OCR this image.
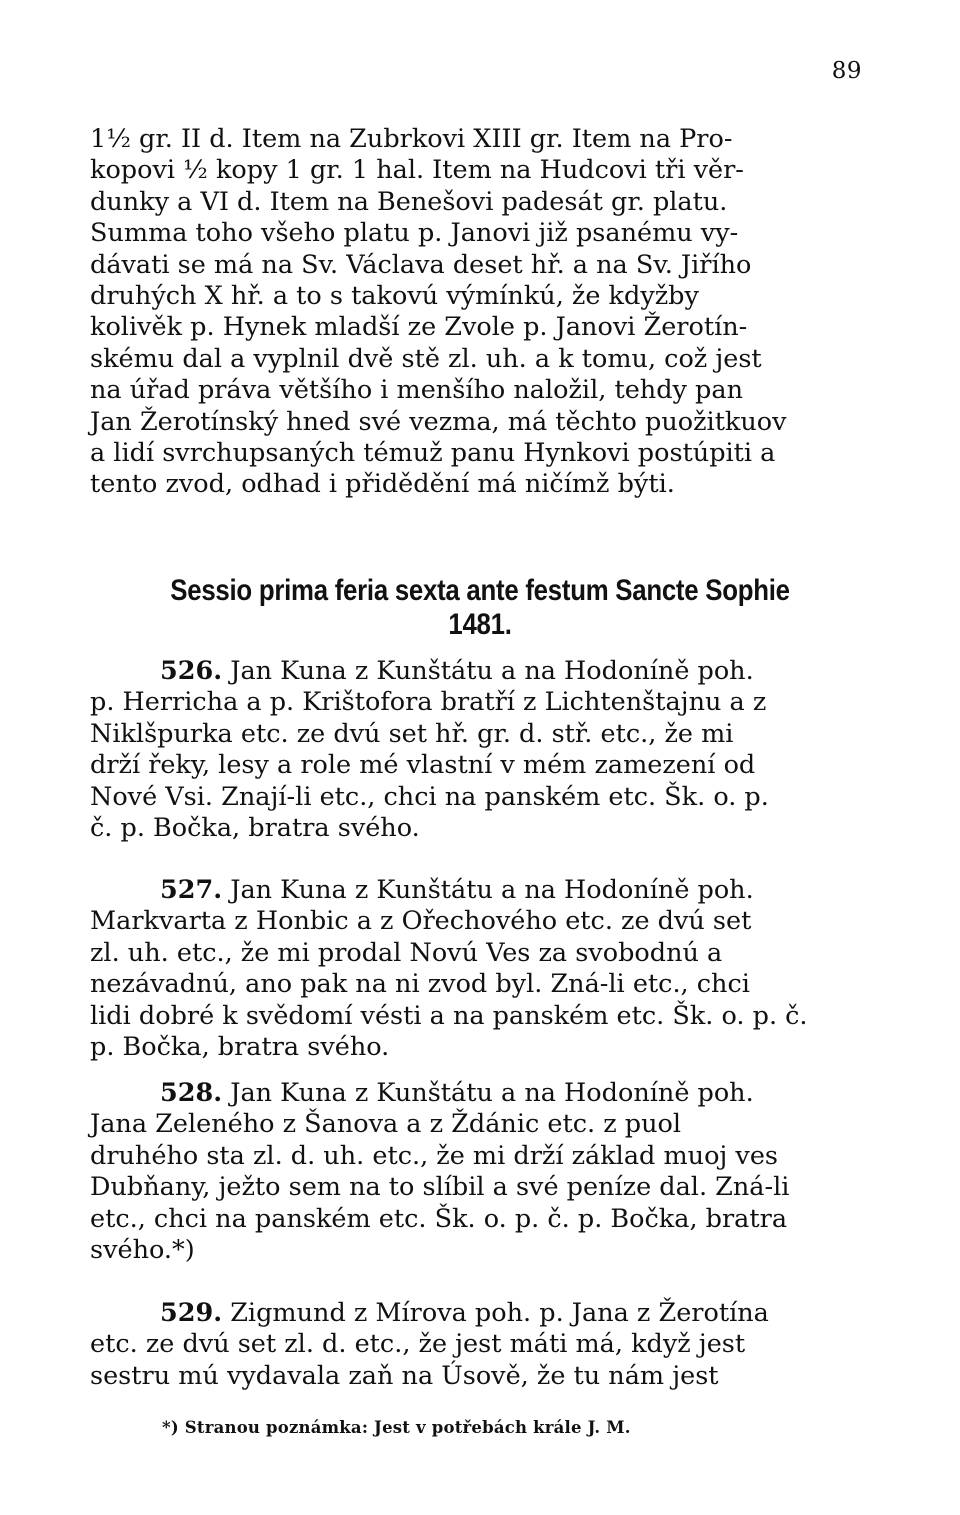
89
1½ gr. II d. Item na Zubrkovi XIII gr. Item na Pro-
kopovi ½ kopy 1 gr. 1 hal. Item na Hudcovi tři věr-
dunky a VI d. Item na Benešovi padesát gr. platu.
Summa toho všeho platu p. Janovi již psanému vy-
dávati se má na Sv. Václava deset hř. a na Sv. Jiřího
druhých X hř. a to s takovú výmínkú, že kdyžby
kolivěk p. Hynek mladší ze Zvole p. Janovi Žerotín-
skému dal a vyplnil dvě stě zl. uh. a k tomu, což jest
na úřad práva většího i menšího naložil, tehdy pan
Jan Žerotínský hned své vezma, má těchto puožitkuov
a lidí svrchupsaných témuž panu Hynkovi postúpiti a
tento zvod, odhad i přidědění má ničímž býti.
Sessio prima feria sexta ante festum Sancte Sophie
1481.
526. Jan Kuna z Kunštátu a na Hodoníně poh.
p. Herricha a p. Krištofora bratří z Lichtenštajnu a z
Niklšpurka etc. ze dvú set hř. gr. d. stř. etc., že mi
drží řeky, lesy a role mé vlastní v mém zamezení od
Nové Vsi. Znají-li etc., chci na panském etc. Šk. o. p.
č. p. Bočka, bratra svého.
527. Jan Kuna z Kunštátu a na Hodoníně poh.
Markvarta z Honbic a z Ořechového etc. ze dvú set
zl. uh. etc., že mi prodal Novú Ves za svobodnú a
nezávadnú, ano pak na ni zvod byl. Zná-li etc., chci
lidi dobré k svědomí vésti a na panském etc. Šk. o. p. č.
p. Bočka, bratra svého.
528. Jan Kuna z Kunštátu a na Hodoníně poh.
Jana Zeleného z Šanova a z Ždánic etc. z puol
druhého sta zl. d. uh. etc., že mi drží základ muoj ves
Dubňany, ježto sem na to slíbil a své peníze dal. Zná-li
etc., chci na panském etc. Šk. o. p. č. p. Bočka, bratra
svého.*)
529. Zigmund z Mírova poh. p. Jana z Žerotína
etc. ze dvú set zl. d. etc., že jest máti má, když jest
sestru mú vydavala zaň na Úsově, že tu nám jest
*) Stranou poznámka: Jest v potřebách krále J. M.
